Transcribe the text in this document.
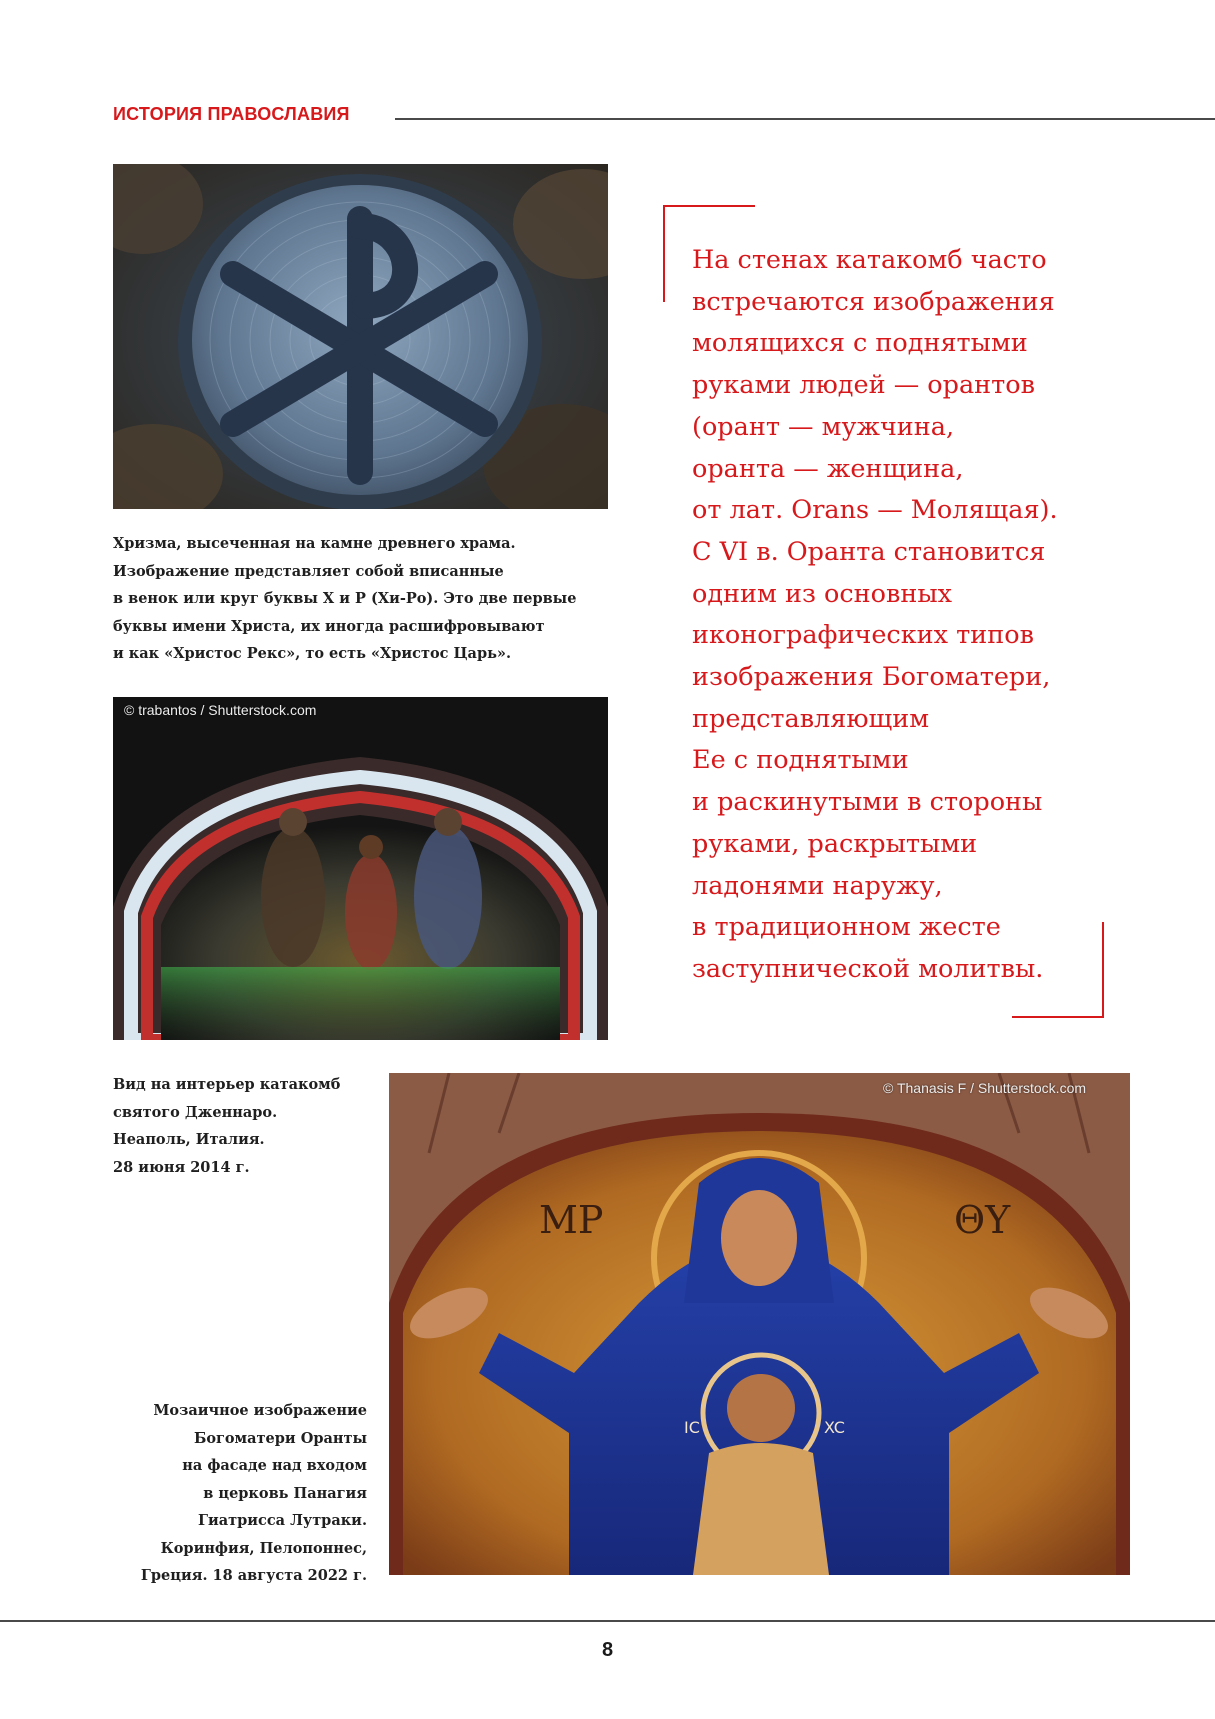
ИСТОРИЯ ПРАВОСЛАВИЯ
Хризма, высеченная на камне древнего храма.
Изображение представляет собой вписанные
в венок или круг буквы Х и Р (Хи-Ро). Это две первые
буквы имени Христа, их иногда расшифровывают
и как «Христос Рекс», то есть «Христос Царь».
© trabantos / Shutterstock.com
Вид на интерьер катакомб
святого Дженнаро.
Неаполь, Италия.
28 июня 2014 г.
МР	ΘΥ
IC	XC
© Thanasis F / Shutterstock.com
Мозаичное изображение
Богоматери Оранты
на фасаде над входом
в церковь Панагия
Гиатрисса Лутраки.
Коринфия, Пелопоннес,
Греция. 18 августа 2022 г.
На стенах катакомб часто
встречаются изображения
молящихся с поднятыми
руками людей — орантов
(орант — мужчина,
оранта — женщина,
от лат. Orans — Молящая).
С VI в. Оранта становится
одним из основных
иконографических типов
изображения Богоматери,
представляющим
Ее с поднятыми
и раскинутыми в стороны
руками, раскрытыми
ладонями наружу,
в традиционном жесте
заступнической молитвы.
8
